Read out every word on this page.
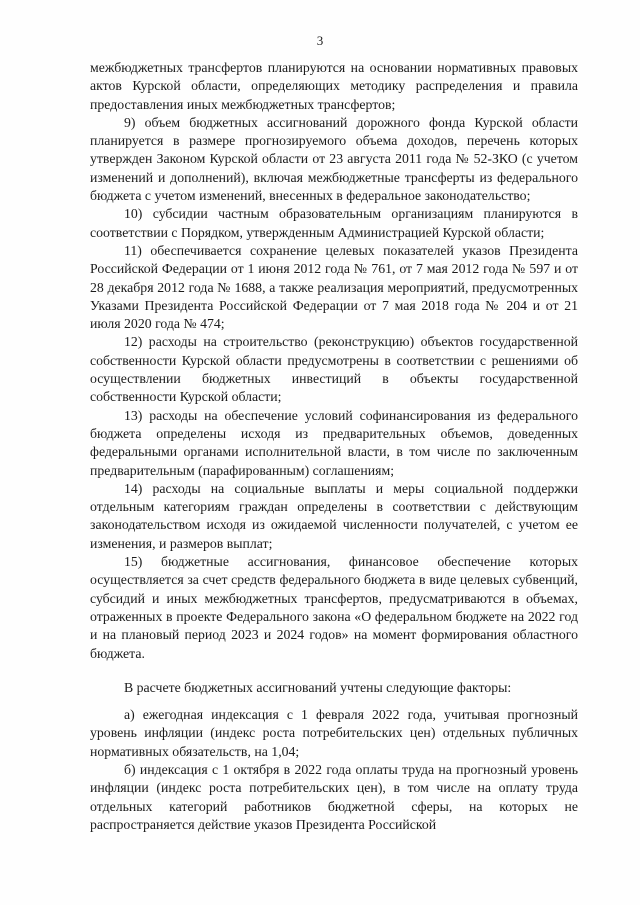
3

межбюджетных трансфертов планируются на основании нормативных правовых актов Курской области, определяющих методику распределения и правила предоставления иных межбюджетных трансфертов;

9) объем бюджетных ассигнований дорожного фонда Курской области планируется в размере прогнозируемого объема доходов, перечень которых утвержден Законом Курской области от 23 августа 2011 года № 52-ЗКО (с учетом изменений и дополнений), включая межбюджетные трансферты из федерального бюджета с учетом изменений, внесенных в федеральное законодательство;

10) субсидии частным образовательным организациям планируются в соответствии с Порядком, утвержденным Администрацией Курской области;

11) обеспечивается сохранение целевых показателей указов Президента Российской Федерации от 1 июня 2012 года № 761, от 7 мая 2012 года № 597 и от 28 декабря 2012 года № 1688, а также реализация мероприятий, предусмотренных Указами Президента Российской Федерации от 7 мая 2018 года № 204 и от 21 июля 2020 года № 474;

12) расходы на строительство (реконструкцию) объектов государственной собственности Курской области предусмотрены в соответствии с решениями об осуществлении бюджетных инвестиций в объекты государственной собственности Курской области;

13) расходы на обеспечение условий софинансирования из федерального бюджета определены исходя из предварительных объемов, доведенных федеральными органами исполнительной власти, в том числе по заключенным предварительным (парафированным) соглашениям;

14) расходы на социальные выплаты и меры социальной поддержки отдельным категориям граждан определены в соответствии с действующим законодательством исходя из ожидаемой численности получателей, с учетом ее изменения, и размеров выплат;

15) бюджетные ассигнования, финансовое обеспечение которых осуществляется за счет средств федерального бюджета в виде целевых субвенций, субсидий и иных межбюджетных трансфертов, предусматриваются в объемах, отраженных в проекте Федерального закона «О федеральном бюджете на 2022 год и на плановый период 2023 и 2024 годов» на момент формирования областного бюджета.

В расчете бюджетных ассигнований учтены следующие факторы:

а) ежегодная индексация с 1 февраля 2022 года, учитывая прогнозный уровень инфляции (индекс роста потребительских цен) отдельных публичных нормативных обязательств, на 1,04;

б) индексация с 1 октября в 2022 года оплаты труда на прогнозный уровень инфляции (индекс роста потребительских цен), в том числе на оплату труда отдельных категорий работников бюджетной сферы, на которых не распространяется действие указов Президента Российской
